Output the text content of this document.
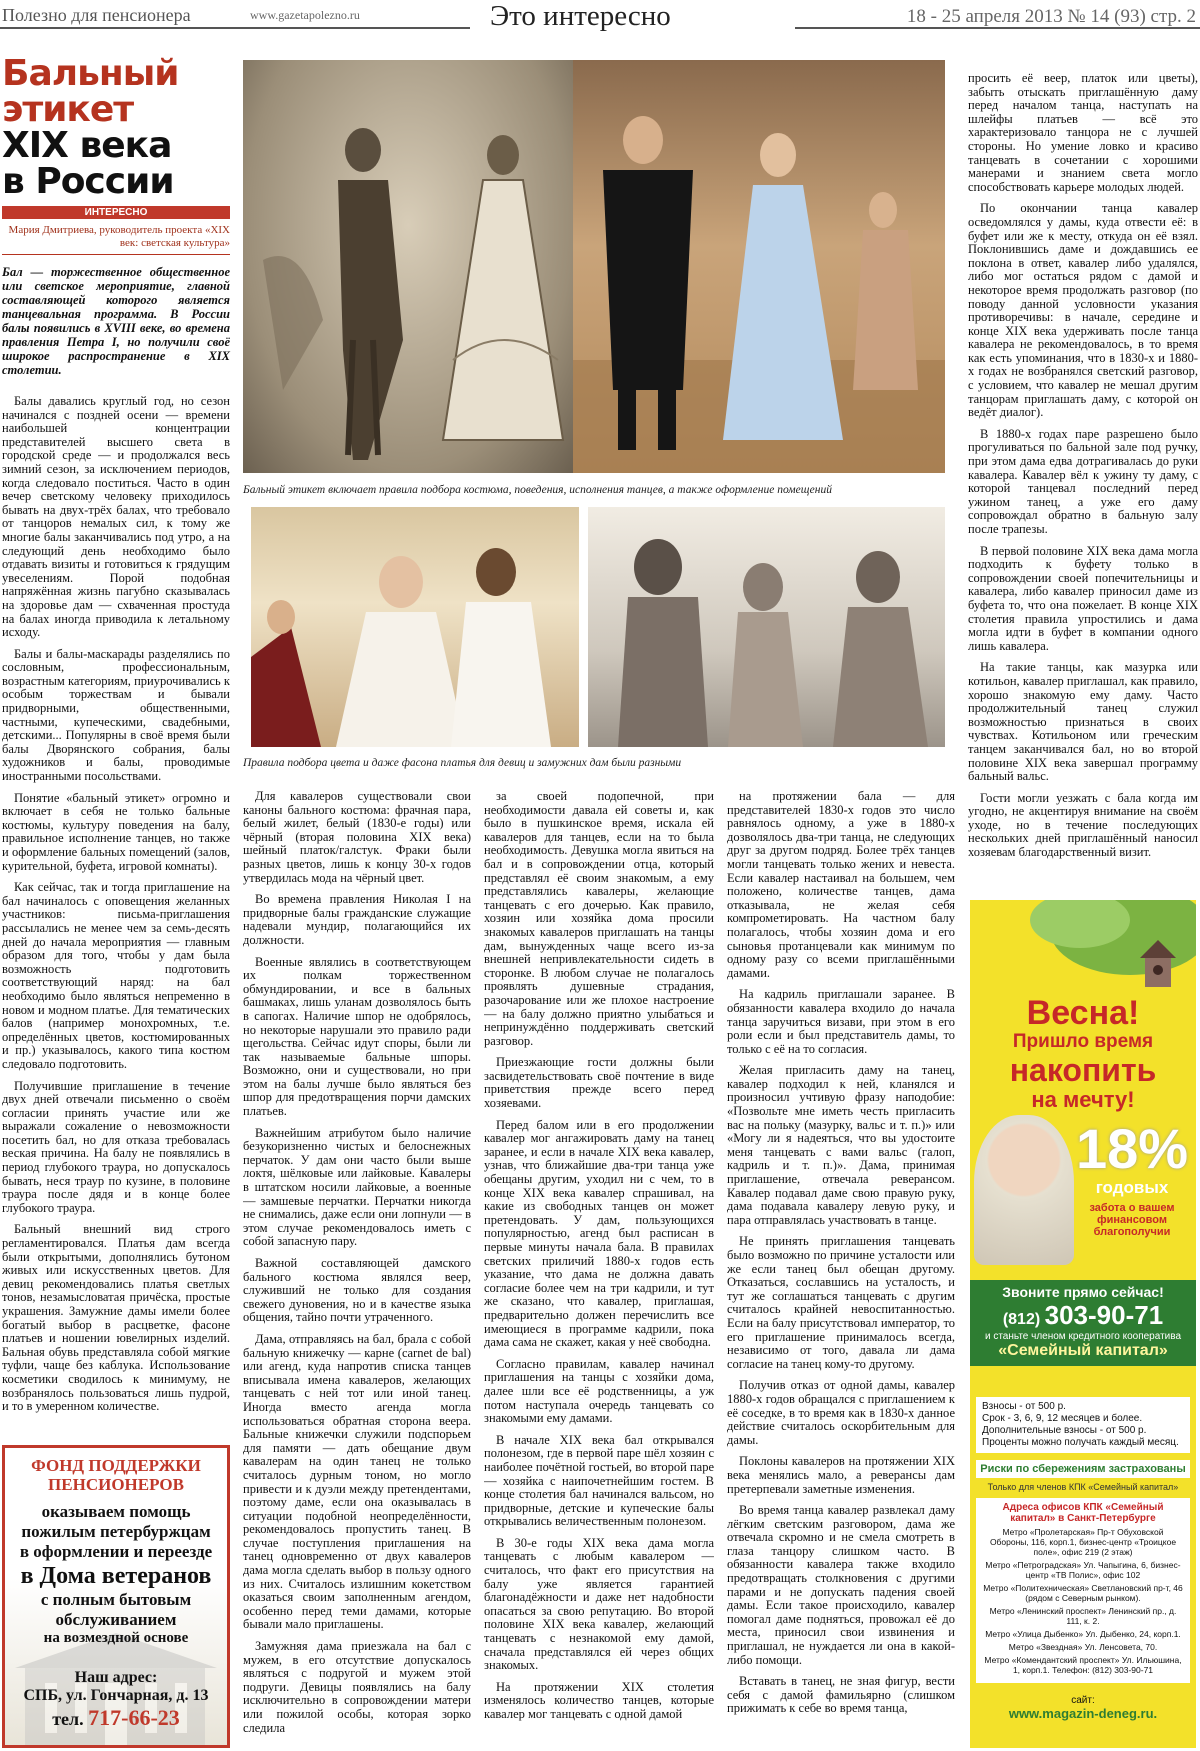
Полезно для пенсионера	www.gazetapolezno.ru	Это интересно	18 - 25 апреля 2013 № 14 (93) стр. 2
Бальный
этикет
XIX века
в России
ИНТЕРЕСНО
Мария Дмитриева, руководитель проекта «XIX век: светская культура»
Бал — торжественное общественное или светское мероприятие, главной составляющей которого является танцевальная программа. В России балы появились в XVIII веке, во времена правления Петра I, но получили своё широкое распространение в XIX столетии.

Балы давались круглый год, но сезон начинался с поздней осени — времени наибольшей концентрации представителей высшего света в городской среде — и продолжался весь зимний сезон, за исключением периодов, когда следовало поститься. Часто в один вечер светскому человеку приходилось бывать на двух-трёх балах, что требовало от танцоров немалых сил, к тому же многие балы заканчивались под утро, а на следующий день необходимо было отдавать визиты и готовиться к грядущим увеселениям. Порой подобная напряжённая жизнь пагубно сказывалась на здоровье дам — схваченная простуда на балах иногда приводила к летальному исходу.

Балы и балы-маскарады разделялись по сословным, профессиональным, возрастным категориям, приурочивались к особым торжествам и бывали придворными, общественными, частными, купеческими, свадебными, детскими... Популярны в своё время были балы Дворянского собрания, балы художников и балы, проводимые иностранными посольствами.

Понятие «бальный этикет» огромно и включает в себя не только бальные костюмы, культуру поведения на балу, правильное исполнение танцев, но также и оформление бальных помещений (залов, курительной, буфета, игровой комнаты).

Как сейчас, так и тогда приглашение на бал начиналось с оповещения желанных участников: письма-приглашения рассылались не менее чем за семь-десять дней до начала мероприятия — главным образом для того, чтобы у дам была возможность подготовить соответствующий наряд: на бал необходимо было являться непременно в новом и модном платье. Для тематических балов (например монохромных, т.е. определённых цветов, костюмированных и пр.) указывалось, какого типа костюм следовало подготовить.

Получившие приглашение в течение двух дней отвечали письменно о своём согласии принять участие или же выражали сожаление о невозможности посетить бал, но для отказа требовалась веская причина. На балу не появлялись в период глубокого траура, но допускалось бывать, неся траур по кузине, в половине траура после дядя и в конце более глубокого траура.

Бальный внешний вид строго регламентировался. Платья дам всегда были открытыми, дополнялись бутоном живых или искусственных цветов. Для девиц рекомендовались платья светлых тонов, незамысловатая причёска, простые украшения. Замужние дамы имели более богатый выбор в расцветке, фасоне платьев и ношении ювелирных изделий. Бальная обувь представляла собой мягкие туфли, чаще без каблука. Использование косметики сводилось к минимуму, не возбранялось пользоваться лишь пудрой, и то в умеренном количестве.

ФОНД ПОДДЕРЖКИ ПЕНСИОНЕРОВ
оказываем помощь
пожилым петербуржцам
в оформлении и переезде
в Дома ветеранов
с полным бытовым
обслуживанием
на возмездной основе
Наш адрес:
СПБ, ул. Гончарная, д. 13
тел. 717-66-23
Бальный этикет включает правила подбора костюма, поведения, исполнения танцев, а также оформление помещений
Правила подбора цвета и даже фасона платья для девиц и замужних дам были разными

Для кавалеров существовали свои каноны бального костюма: фрачная пара, белый жилет, белый (1830-е годы) или чёрный (вторая половина XIX века) шейный платок/галстук. Фраки были разных цветов, лишь к концу 30-х годов утвердилась мода на чёрный цвет.

Во времена правления Николая I на придворные балы гражданские служащие надевали мундир, полагающийся их должности.

Военные являлись в соответствующем их полкам торжественном обмундировании, и все в бальных башмаках, лишь уланам дозволялось быть в сапогах. Наличие шпор не одобрялось, но некоторые нарушали это правило ради щегольства. Сейчас идут споры, были ли так называемые бальные шпоры. Возможно, они и существовали, но при этом на балы лучше было являться без шпор для предотвращения порчи дамских платьев.

Важнейшим атрибутом было наличие безукоризненно чистых и белоснежных перчаток. У дам они часто были выше локтя, шёлковые или лайковые. Кавалеры в штатском носили лайковые, а военные — замшевые перчатки. Перчатки никогда не снимались, даже если они лопнули — в этом случае рекомендовалось иметь с собой запасную пару.

Важной составляющей дамского бального костюма являлся веер, служивший не только для создания свежего дуновения, но и в качестве языка общения, тайно почти утраченного.

Дама, отправляясь на бал, брала с собой бальную книжечку — карне (carnet de bal) или агенд, куда напротив списка танцев вписывала имена кавалеров, желающих танцевать с ней тот или иной танец. Иногда вместо агенда могла использоваться обратная сторона веера. Бальные книжечки служили подспорьем для памяти — дать обещание двум кавалерам на один танец не только считалось дурным тоном, но могло привести и к дуэли между претендентами, поэтому даме, если она оказывалась в ситуации подобной неопределённости, рекомендовалось пропустить танец. В случае поступления приглашения на танец одновременно от двух кавалеров дама могла сделать выбор в пользу одного из них. Считалось излишним кокетством оказаться своим заполненным агендом, особенно перед теми дамами, которые бывали мало приглашены.

Замужняя дама приезжала на бал с мужем, в его отсутствие допускалось являться с подругой и мужем этой подруги. Девицы появлялись на балу исключительно в сопровождении матери или пожилой особы, которая зорко следила

за своей подопечной, при необходимости давала ей советы и, как было в пушкинское время, искала ей кавалеров для танцев, если на то была необходимость. Девушка могла явиться на бал и в сопровождении отца, который представлял её своим знакомым, а ему представлялись кавалеры, желающие танцевать с его дочерью. Как правило, хозяин или хозяйка дома просили знакомых кавалеров приглашать на танцы дам, вынужденных чаще всего из-за внешней непривлекательности сидеть в сторонке. В любом случае не полагалось проявлять душевные страдания, разочарование или же плохое настроение — на балу должно приятно улыбаться и непринуждённо поддерживать светский разговор.

Приезжающие гости должны были засвидетельствовать своё почтение в виде приветствия прежде всего перед хозяевами.

Перед балом или в его продолжении кавалер мог ангажировать даму на танец заранее, и если в начале XIX века кавалер, узнав, что ближайшие два-три танца уже обещаны другим, уходил ни с чем, то в конце XIX века кавалер спрашивал, на какие из свободных танцев он может претендовать. У дам, пользующихся популярностью, агенд был расписан в первые минуты начала бала. В правилах светских приличий 1880-х годов есть указание, что дама не должна давать согласие более чем на три кадрили, и тут же сказано, что кавалер, приглашая, предварительно должен перечислить все имеющиеся в программе кадрили, пока дама сама не скажет, какая у неё свободна.

Согласно правилам, кавалер начинал приглашения на танцы с хозяйки дома, далее шли все её родственницы, а уж потом наступала очередь танцевать со знакомыми ему дамами.

В начале XIX века бал открывался полонезом, где в первой паре шёл хозяин с наиболее почётной гостьей, во второй паре — хозяйка с наипочетнейшим гостем. В конце столетия бал начинался вальсом, но придворные, детские и купеческие балы открывались величественным полонезом.

В 30-е годы XIX века дама могла танцевать с любым кавалером — считалось, что факт его присутствия на балу уже является гарантией благонадёжности и даже нет надобности опасаться за свою репутацию. Во второй половине XIX века кавалер, желающий танцевать с незнакомой ему дамой, сначала представлялся ей через общих знакомых.

На протяжении XIX столетия изменялось количество танцев, которые кавалер мог танцевать с одной дамой

на протяжении бала — для представителей 1830-х годов это число равнялось одному, а уже в 1880-х дозволялось два-три танца, не следующих друг за другом подряд. Более трёх танцев могли танцевать только жених и невеста. Если кавалер настаивал на большем, чем положено, количестве танцев, дама отказывала, не желая себя компрометировать. На частном балу полагалось, чтобы хозяин дома и его сыновья протанцевали как минимум по одному разу со всеми приглашёнными дамами.

На кадриль приглашали заранее. В обязанности кавалера входило до начала танца заручиться визави, при этом в его роли если и был представитель дамы, то только с её на то согласия.

Желая пригласить даму на танец, кавалер подходил к ней, кланялся и произносил учтивую фразу наподобие: «Позвольте мне иметь честь пригласить вас на польку (мазурку, вальс и т. п.)» или «Могу ли я надеяться, что вы удостоите меня танцевать с вами вальс (галоп, кадриль и т. п.)». Дама, принимая приглашение, отвечала реверансом. Кавалер подавал даме свою правую руку, дама подавала кавалеру левую руку, и пара отправлялась участвовать в танце.

Не принять приглашения танцевать было возможно по причине усталости или же если танец был обещан другому. Отказаться, сославшись на усталость, и тут же соглашаться танцевать с другим считалось крайней невоспитанностью. Если на балу присутствовал император, то его приглашение принималось всегда, независимо от того, давала ли дама согласие на танец кому-то другому.

Получив отказ от одной дамы, кавалер 1880-х годов обращался с приглашением к её соседке, в то время как в 1830-х данное действие считалось оскорбительным для дамы.

Поклоны кавалеров на протяжении XIX века менялись мало, а реверансы дам претерпевали заметные изменения.

Во время танца кавалер развлекал даму лёгким светским разговором, дама же отвечала скромно и не смела смотреть в глаза танцору слишком часто. В обязанности кавалера также входило предотвращать столкновения с другими парами и не допускать падения своей дамы. Если такое происходило, кавалер помогал даме подняться, провожал её до места, приносил свои извинения и приглашал, не нуждается ли она в какой-либо помощи.

Вставать в танец, не зная фигур, вести себя с дамой фамильярно (слишком прижимать к себе во время танца,

просить её веер, платок или цветы), забыть отыскать приглашённую даму перед началом танца, наступать на шлейфы платьев — всё это характеризовало танцора не с лучшей стороны. Но умение ловко и красиво танцевать в сочетании с хорошими манерами и знанием света могло способствовать карьере молодых людей.

По окончании танца кавалер осведомлялся у дамы, куда отвести её: в буфет или же к месту, откуда он её взял. Поклонившись даме и дождавшись ее поклона в ответ, кавалер либо удалялся, либо мог остаться рядом с дамой и некоторое время продолжать разговор (по поводу данной условности указания противоречивы: в начале, середине и конце XIX века удерживать после танца кавалера не рекомендовалось, в то время как есть упоминания, что в 1830-х и 1880-х годах не возбранялся светский разговор, с условием, что кавалер не мешал другим танцорам приглашать даму, с которой он ведёт диалог).

В 1880-х годах паре разрешено было прогуливаться по бальной зале под ручку, при этом дама едва дотрагивалась до руки кавалера. Кавалер вёл к ужину ту даму, с которой танцевал последний перед ужином танец, а уже его даму сопровождал обратно в бальную залу после трапезы.

В первой половине XIX века дама могла подходить к буфету только в сопровождении своей попечительницы и кавалера, либо кавалер приносил даме из буфета то, что она пожелает. В конце XIX столетия правила упростились и дама могла идти в буфет в компании одного лишь кавалера.

На такие танцы, как мазурка или котильон, кавалер приглашал, как правило, хорошо знакомую ему даму. Часто продолжительный танец служил возможностью признаться в своих чувствах. Котильоном или греческим танцем заканчивался бал, но во второй половине XIX века завершал программу бальный вальс.

Гости могли уезжать с бала когда им угодно, не акцентируя внимание на своём уходе, но в течение последующих нескольких дней приглашённый наносил хозяевам благодарственный визит.

Весна!
Пришло время
накопить
на мечту!
18%
годовых
забота о вашем финансовом благополучии
Звоните прямо сейчас!
(812) 303-90-71
и станьте членом кредитного кооператива
«Семейный капитал»
Взносы - от 500 р.
Срок - 3, 6, 9, 12 месяцев и более.
Дополнительные взносы - от 500 р.
Проценты можно получать каждый месяц.
Риски по сбережениям застрахованы
Только для членов КПК «Семейный капитал»
Адреса офисов КПК «Семейный капитал» в Санкт-Петербурге
Метро «Пролетарская» Пр-т Обуховской Обороны, 116, корп.1, бизнес-центр «Троицкое поле», офис 219 (2 этаж)
Метро «Петроградская» Ул. Чапыгина, 6, бизнес-центр «ТВ Полис», офис 102
Метро «Политехническая» Светлановский пр-т, 46 (рядом с Северным рынком).
Метро «Ленинский проспект» Ленинский пр., д. 111, к. 2.
Метро «Улица Дыбенко» Ул. Дыбенко, 24, корп.1.
Метро «Звездная» Ул. Ленсовета, 70.
Метро «Комендантский проспект» Ул. Ильюшина, 1, корп.1. Телефон: (812) 303-90-71
сайт:
www.magazin-deneg.ru.
